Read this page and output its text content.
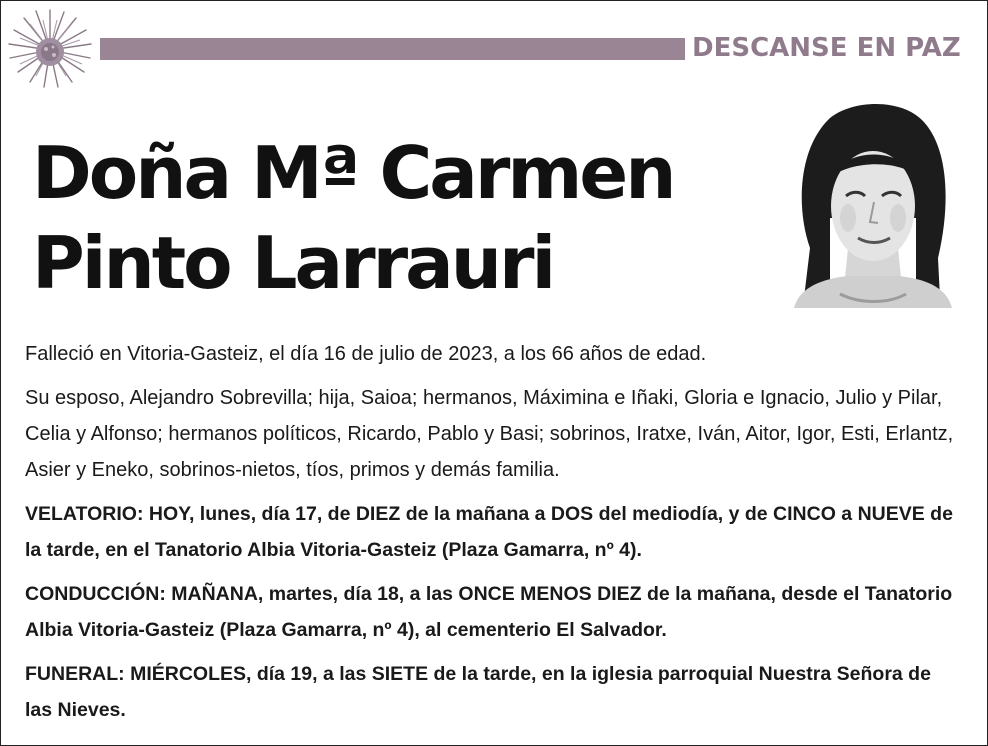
DESCANSE EN PAZ
Doña Mª Carmen
Pinto Larrauri

Falleció en Vitoria-Gasteiz, el día 16 de julio de 2023, a los 66 años de edad.

Su esposo, Alejandro Sobrevilla; hija, Saioa; hermanos, Máximina e Iñaki, Gloria e Ignacio, Julio y Pilar, Celia y Alfonso; hermanos políticos, Ricardo, Pablo y Basi; sobrinos, Iratxe, Iván, Aitor, Igor, Esti, Erlantz, Asier y Eneko, sobrinos-nietos, tíos, primos y demás familia.

VELATORIO: HOY, lunes, día 17, de DIEZ de la mañana a DOS del mediodía, y de CINCO a NUEVE de la tarde, en el Tanatorio Albia Vitoria-Gasteiz (Plaza Gamarra, nº 4).

CONDUCCIÓN: MAÑANA, martes, día 18, a las ONCE MENOS DIEZ de la mañana, desde el Tanatorio Albia Vitoria-Gasteiz (Plaza Gamarra, nº 4), al cementerio El Salvador.

FUNERAL: MIÉRCOLES, día 19, a las SIETE de la tarde, en la iglesia parroquial Nuestra Señora de las Nieves.
